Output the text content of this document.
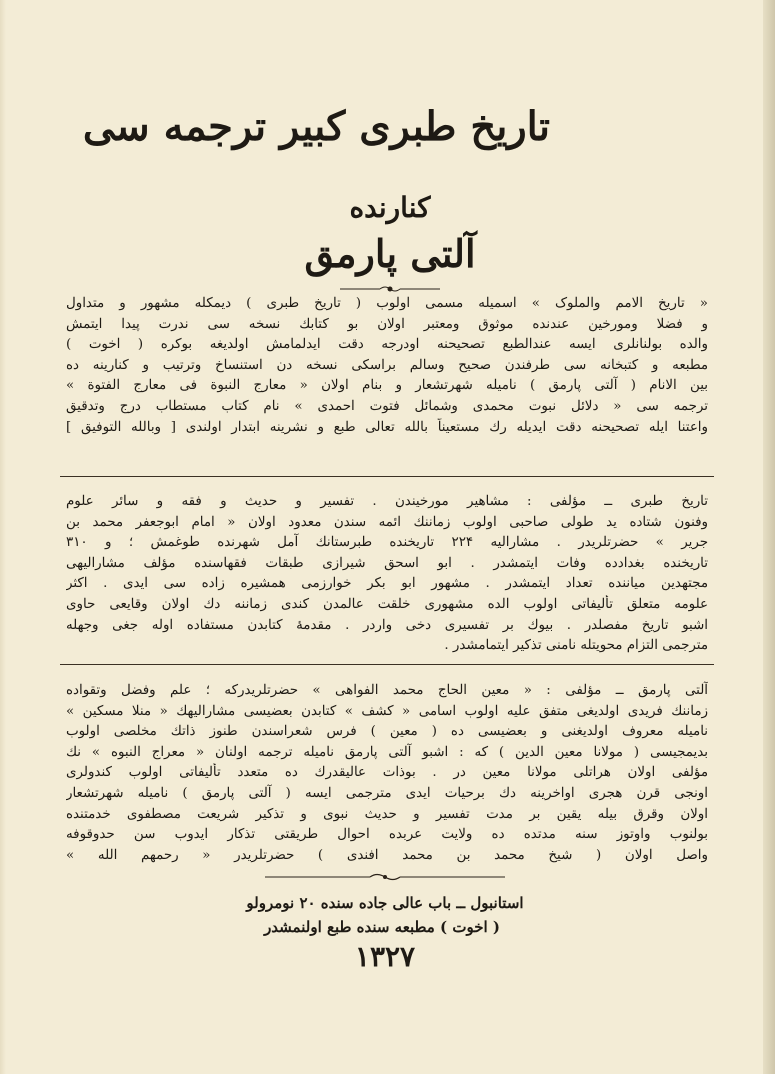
تاریخ طبری کبیر ترجمه سی
کنارنده
آلتی پارمق
« تاریخ الامم والملوک » اسمیله مسمی اولوب ( تاریخ طبری ) دیمکله مشهور و متداول
و فضلا ومورخین عندنده موثوق ومعتبر اولان بو کتابك نسخه سی ندرت پیدا ایتمش
والده بولنانلری ایسه عندالطبع تصحیحنه اودرجه دقت ایدلمامش اولدیغه بوکره ( اخوت )
مطبعه و کتبخانه سی طرفندن صحیح وسالم براسکی نسخه دن استنساخ وترتیب و کنارینه ده
بین الانام ( آلتی پارمق ) نامیله شهرتشعار و بنام اولان « معارج النبوة فی معارج الفتوة »
ترجمه سی « دلائل نبوت محمدی وشمائل فتوت احمدی » نام کتاب مستطاب درج وتدقیق
واعتنا ایله تصحیحنه دقت ایدیله رك مستعیناً بالله تعالی طبع و نشرینه ابتدار اولندی [ وبالله التوفیق ]
تاریخ طبری ــ مؤلفی : مشاهیر مورخیندن . تفسیر و حدیث و فقه و سائر علوم
وفنون شتاده ید طولی صاحبی اولوب زماننك ائمه سندن معدود اولان « امام ابوجعفر محمد بن
جریر » حضرتلریدر . مشارالیه ۲۲۴ تاریخنده طبرستانك آمل شهرنده طوغمش ؛ و ۳۱۰
تاریخنده بغدادده وفات ایتمشدر . ابو اسحق شیرازی طبقات فقهاسنده مؤلف مشارالیهی
مجتهدین میاننده تعداد ایتمشدر . مشهور ابو بکر خوارزمی همشیره زاده سی ایدی . اکثر
علومه متعلق تألیفاتی اولوب الده مشهوری خلقت عالمدن کندی زماننه دك اولان وقایعی حاوی
اشبو تاریخ مفصلدر . بیوك بر تفسیری دخی واردر . مقدمهٔ کتابدن مستفاده اوله جغی وجهله
مترجمی التزام محویتله نامنی تذکیر ایتمامشدر .
آلتی پارمق ــ مؤلفی : « معین الحاج محمد الفواهی » حضرتلریدرکه ؛ علم وفضل وتقواده
زماننك فریدی اولدیغی متفق علیه اولوب اسامی « کشف » کتابدن بعضیسی مشارالیهك « منلا مسکین »
نامیله معروف اولدیغنی و بعضیسی ده ( معین ) فرس شعراسندن طنوز ذاتك مخلصی اولوب
بدیمجیسی ( مولانا معین الدین ) که : اشبو آلتی پارمق نامیله ترجمه اولنان « معراج النبوه » نك
مؤلفی اولان هراتلی مولانا معین در . بوذات عالیقدرك ده متعدد تألیفاتی اولوب کندولری
اونجی قرن هجری اواخرینه دك برحیات ایدی مترجمی ایسه ( آلتی پارمق ) نامیله شهرتشعار
اولان وقرق بیله یقین بر مدت تفسیر و حدیث نبوی و تذکیر شریعت مصطفوی خدمتنده
بولنوب واوتوز سنه مدتده ده ولایت عربده احوال طریقتی تذکار ایدوب سن حدوقوفه
واصل اولان ( شیخ محمد بن محمد افندی ) حضرتلریدر « رحمهم الله »
استانبول ــ باب عالی جاده سنده ۲۰ نومرولو
( اخوت ) مطبعه سنده طبع اولنمشدر
۱۳۲۷
